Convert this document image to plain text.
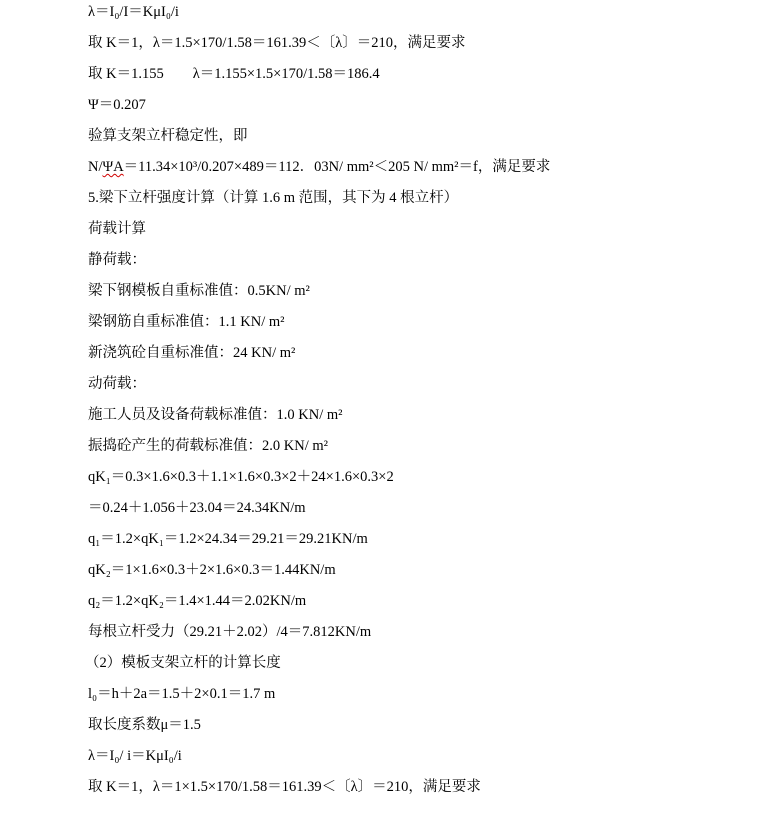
λ＝I₀/I＝KμI₀/i
取 K＝1，λ＝1.5×170/1.58＝161.39＜〔λ〕＝210，满足要求
取 K＝1.155        λ＝1.155×1.5×170/1.58＝186.4
Ψ＝0.207
验算支架立杆稳定性，即
N/ΨA＝11.34×10³/0.207×489＝112．03N/ mm²＜205 N/ mm²＝f，满足要求
5.梁下立杆强度计算（计算 1.6 m 范围，其下为 4 根立杆）
荷载计算
静荷载：
梁下钢模板自重标准值：0.5KN/ m²
梁钢筋自重标准值：1.1 KN/ m²
新浇筑砼自重标准值：24 KN/ m²
动荷载：
施工人员及设备荷载标准值：1.0 KN/ m²
振捣砼产生的荷载标准值：2.0 KN/ m²
qK₁＝0.3×1.6×0.3＋1.1×1.6×0.3×2＋24×1.6×0.3×2
＝0.24＋1.056＋23.04＝24.34KN/m
q₁＝1.2×qK₁＝1.2×24.34＝29.21＝29.21KN/m
qK₂＝1×1.6×0.3＋2×1.6×0.3＝1.44KN/m
q₂＝1.2×qK₂＝1.4×1.44＝2.02KN/m
每根立杆受力（29.21＋2.02）/4＝7.812KN/m
（2）模板支架立杆的计算长度
l₀＝h＋2a＝1.5＋2×0.1＝1.7 m
取长度系数μ＝1.5
λ＝I₀/ i＝KμI₀/i
取 K＝1，λ＝1×1.5×170/1.58＝161.39＜〔λ〕＝210，满足要求
